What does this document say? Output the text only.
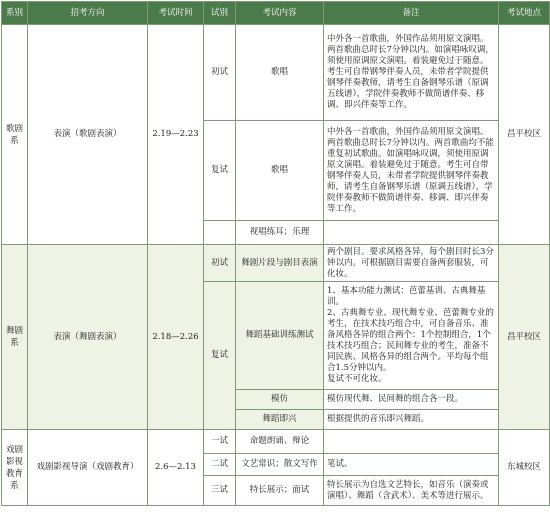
系别	招考方向	考试时间	试别	考试内容	备注	考试地点
歌剧系	表演（歌剧表演）	2.19—2.23	初试	歌唱	中外各一首歌曲，外国作品须用原文演唱。两首歌曲总时长7分钟以内。如演唱咏叹调，须使用原调原文演唱。着装避免过于随意。考生可自带钢琴伴奏人员，未带者学院提供钢琴伴奏教师，请考生自备钢琴乐谱（原调五线谱），学院伴奏教师不做简谱伴奏、移调、即兴伴奏等工作。	昌平校区
			复试	歌唱	中外各一首歌曲，外国作品须用原文演唱。两首歌曲总时长7分钟以内。两首歌曲均不能重复初试歌曲。如演唱咏叹调，须使用原调原文演唱。着装避免过于随意。考生可自带钢琴伴奏人员，未带者学院提供钢琴伴奏教师，请考生自备钢琴乐谱（原调五线谱），学院伴奏教师不做简谱伴奏、移调、即兴伴奏等工作。	
				视唱练耳；乐理		
舞剧系	表演（舞剧表演）	2.18—2.26	初试	舞剧片段与剧目表演	两个剧目。要求风格各异，每个剧目时长3分钟以内。可根据剧目需要自备两套服装，可化妆。	昌平校区
			复试	舞蹈基础训练测试	1、基本功能力测试：芭蕾基训、古典舞基训。
2、古典舞专业、现代舞专业、芭蕾舞专业的考生，在技术技巧组合中，可自备音乐、准备风格各异的组合两个：1个控制组合，1个技术技巧组合；民间舞专业的考生，准备不同民族、风格各异的组合两个。平均每个组合1.5分钟以内。
复试不可化妆。	
				模仿	模仿现代舞、民间舞的组合各一段。	
				舞蹈即兴	根据提供的音乐即兴舞蹈。	
戏剧影视教育系	戏剧影视导演（戏剧教育）	2.6—2.13	一试	命题朗诵、辩论		东城校区
			二试	文艺常识；散文写作	笔试。	
			三试	特长展示；面试	特长展示为自选文艺特长，如音乐（演奏或演唱）、舞蹈（含武术）、美术等进行展示。	
